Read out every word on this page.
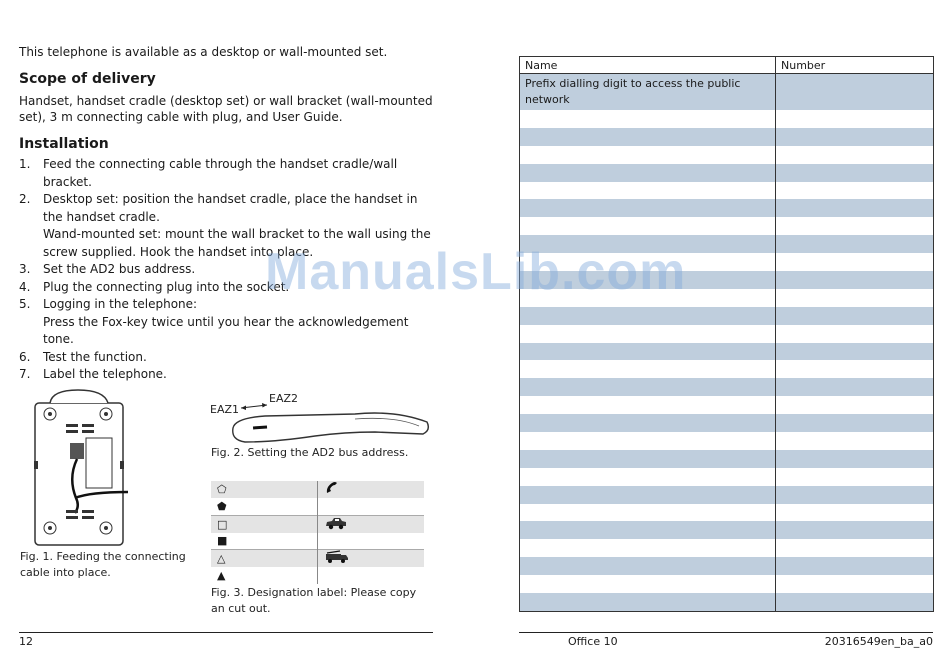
This telephone is available as a desktop or wall-mounted set.
Scope of delivery
Handset, handset cradle (desktop set) or wall bracket (wall-mounted set), 3 m connecting cable with plug, and User Guide.
Installation
1. Feed the connecting cable through the handset cradle/wall bracket.
2. Desktop set: position the handset cradle, place the handset in the handset cradle.
Wand-mounted set: mount the wall bracket to the wall using the screw supplied. Hook the handset into place.
3. Set the AD2 bus address.
4. Plug the connecting plug into the socket.
5. Logging in the telephone:
Press the Fox-key twice until you hear the acknowledgement tone.
6. Test the function.
7. Label the telephone.
Fig. 1. Feeding the connecting cable into place.
EAZ1
EAZ2
Fig. 2. Setting the AD2 bus address.
⬠	
⬟	
□	
■	
△	
▲	
Fig. 3. Designation label: Please copy an cut out.
Name	Number
Prefix dialling digit to access the public network	

ManualsLib.com
12	Office 10	20316549en_ba_a0
